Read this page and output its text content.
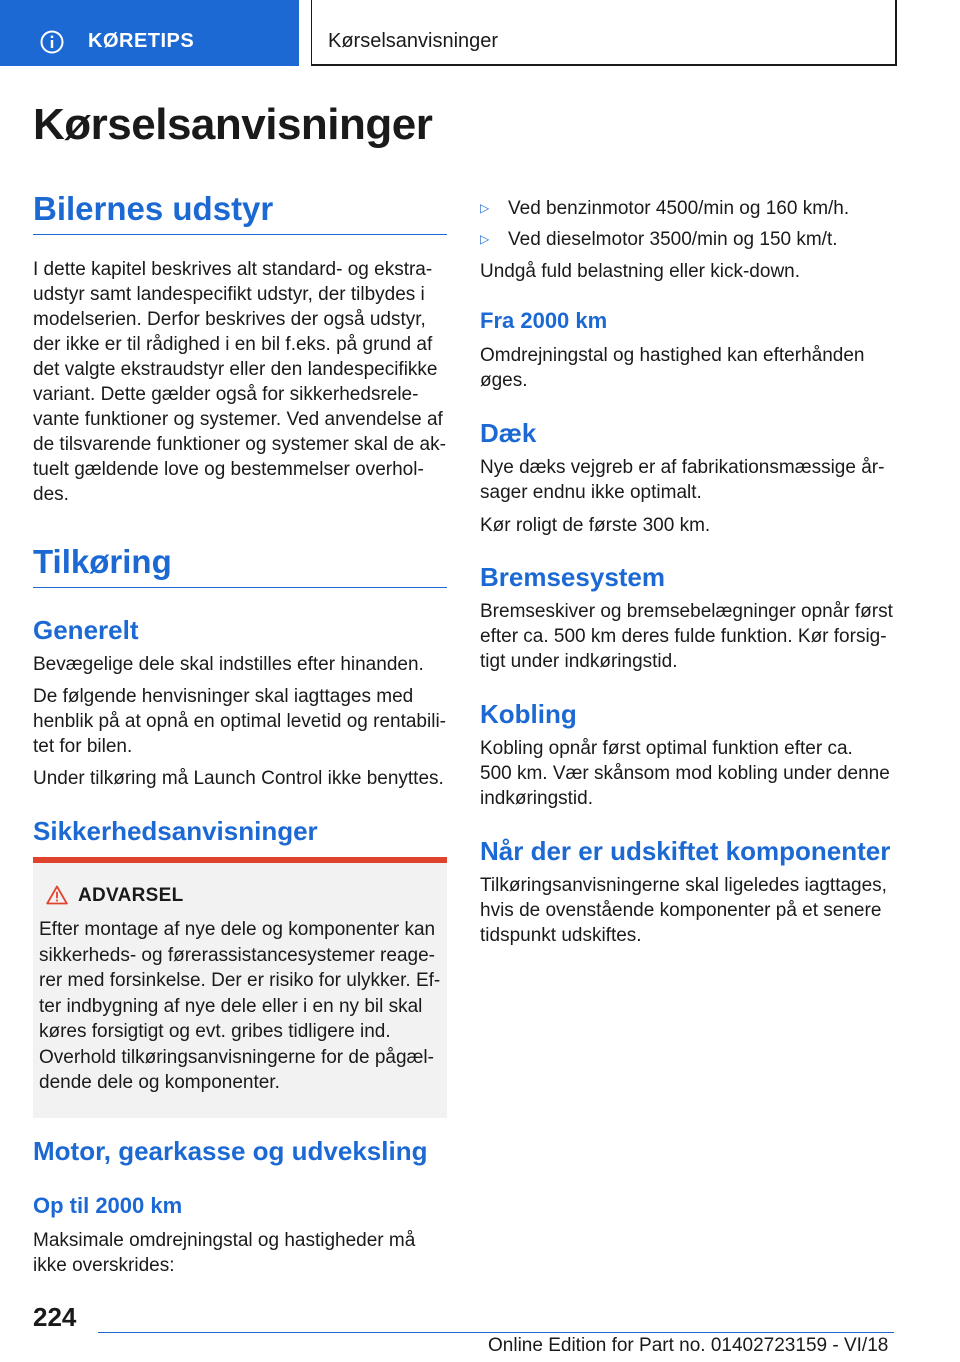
KØRETIPS	Kørselsanvisninger
Kørselsanvisninger
Bilernes udstyr

I dette kapitel beskrives alt standard- og ekstra-

udstyr samt landespecifikt udstyr, der tilbydes i

modelserien. Derfor beskrives der også udstyr,

der ikke er til rådighed i en bil f.eks. på grund af

det valgte ekstraudstyr eller den landespecifikke

variant. Dette gælder også for sikkerhedsrele-

vante funktioner og systemer. Ved anvendelse af

de tilsvarende funktioner og systemer skal de ak-

tuelt gældende love og bestemmelser overhol-

des.

Tilkøring
Generelt

Bevægelige dele skal indstilles efter hinanden.

De følgende henvisninger skal iagttages med

henblik på at opnå en optimal levetid og rentabili-

tet for bilen.

Under tilkøring må Launch Control ikke benyttes.

Sikkerhedsanvisninger
ADVARSEL
Efter montage af nye dele og komponenter kan
sikkerheds- og førerassistancesystemer reage-
rer med forsinkelse. Der er risiko for ulykker. Ef-
ter indbygning af nye dele eller i en ny bil skal
køres forsigtigt og evt. gribes tidligere ind.
Overhold tilkøringsanvisningerne for de pågæl-
dende dele og komponenter.
Motor, gearkasse og udveksling
Op til 2000 km

Maksimale omdrejningstal og hastigheder må

ikke overskrides:

▷ Ved benzinmotor 4500/min og 160 km/h.
▷ Ved dieselmotor 3500/min og 150 km/t.

Undgå fuld belastning eller kick-down.

Fra 2000 km

Omdrejningstal og hastighed kan efterhånden

øges.

Dæk

Nye dæks vejgreb er af fabrikationsmæssige år-

sager endnu ikke optimalt.

Kør roligt de første 300 km.

Bremsesystem

Bremseskiver og bremsebelægninger opnår først

efter ca. 500 km deres fulde funktion. Kør forsig-

tigt under indkøringstid.

Kobling

Kobling opnår først optimal funktion efter ca.

500 km. Vær skånsom mod kobling under denne

indkøringstid.

Når der er udskiftet komponenter

Tilkøringsanvisningerne skal ligeledes iagttages,

hvis de ovenstående komponenter på et senere

tidspunkt udskiftes.

224
Online Edition for Part no. 01402723159 - VI/18
